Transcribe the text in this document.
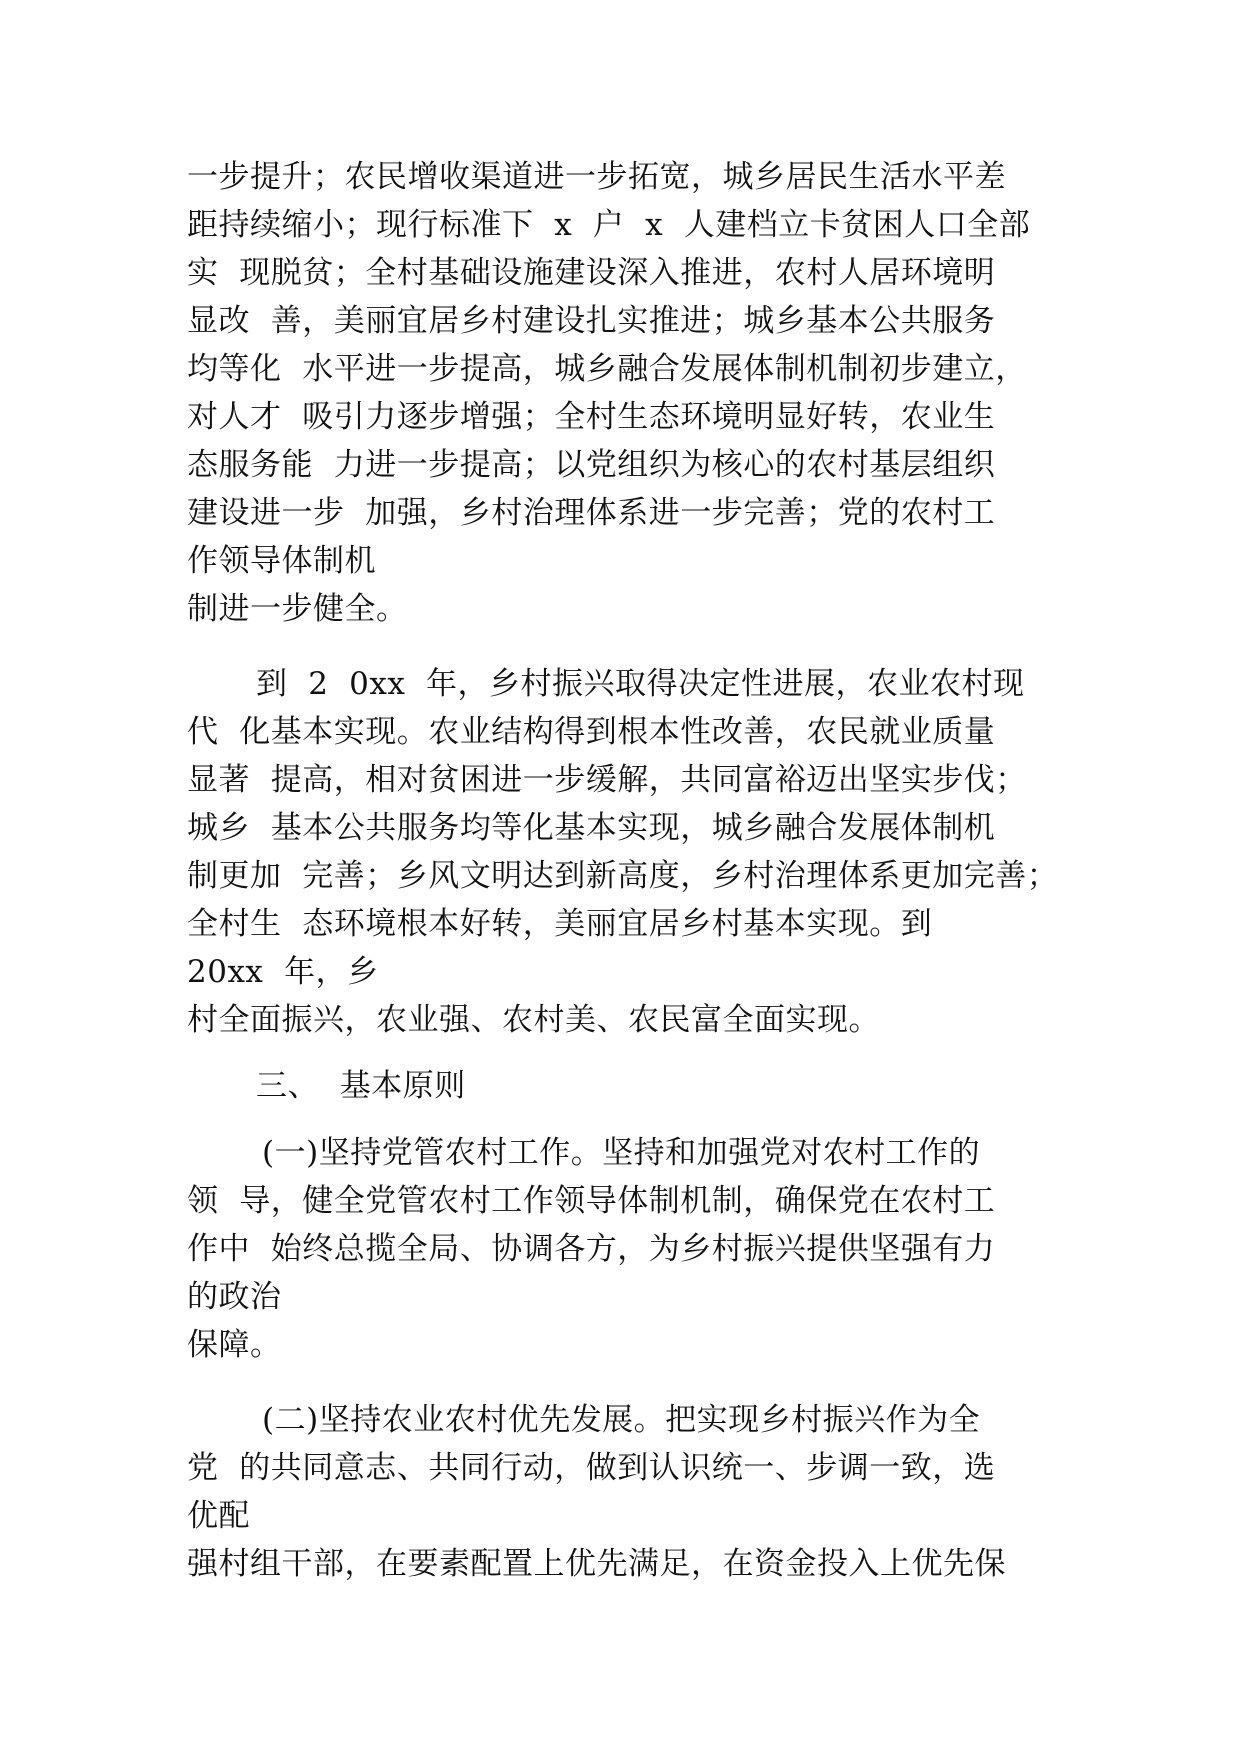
一步提升；农民增收渠道进一步拓宽，城乡居民生活水平差
距持续缩小；现行标准下  x  户  x  人建档立卡贫困人口全部
实  现脱贫；全村基础设施建设深入推进，农村人居环境明
显改  善，美丽宜居乡村建设扎实推进；城乡基本公共服务
均等化  水平进一步提高，城乡融合发展体制机制初步建立，
对人才  吸引力逐步增强；全村生态环境明显好转，农业生
态服务能  力进一步提高；以党组织为核心的农村基层组织
建设进一步  加强，乡村治理体系进一步完善；党的农村工
作领导体制机
制进一步健全。
到  2  0xx  年，乡村振兴取得决定性进展，农业农村现
代  化基本实现。农业结构得到根本性改善，农民就业质量
显著  提高，相对贫困进一步缓解，共同富裕迈出坚实步伐；
城乡  基本公共服务均等化基本实现，城乡融合发展体制机
制更加  完善；乡风文明达到新高度，乡村治理体系更加完善；
全村生  态环境根本好转，美丽宜居乡村基本实现。到
20xx  年，乡
村全面振兴，农业强、农村美、农民富全面实现。
三、  基本原则
(一)坚持党管农村工作。坚持和加强党对农村工作的
领  导，健全党管农村工作领导体制机制，确保党在农村工
作中  始终总揽全局、协调各方，为乡村振兴提供坚强有力
的政治
保障。
(二)坚持农业农村优先发展。把实现乡村振兴作为全
党  的共同意志、共同行动，做到认识统一、步调一致，选
优配
强村组干部，在要素配置上优先满足，在资金投入上优先保
